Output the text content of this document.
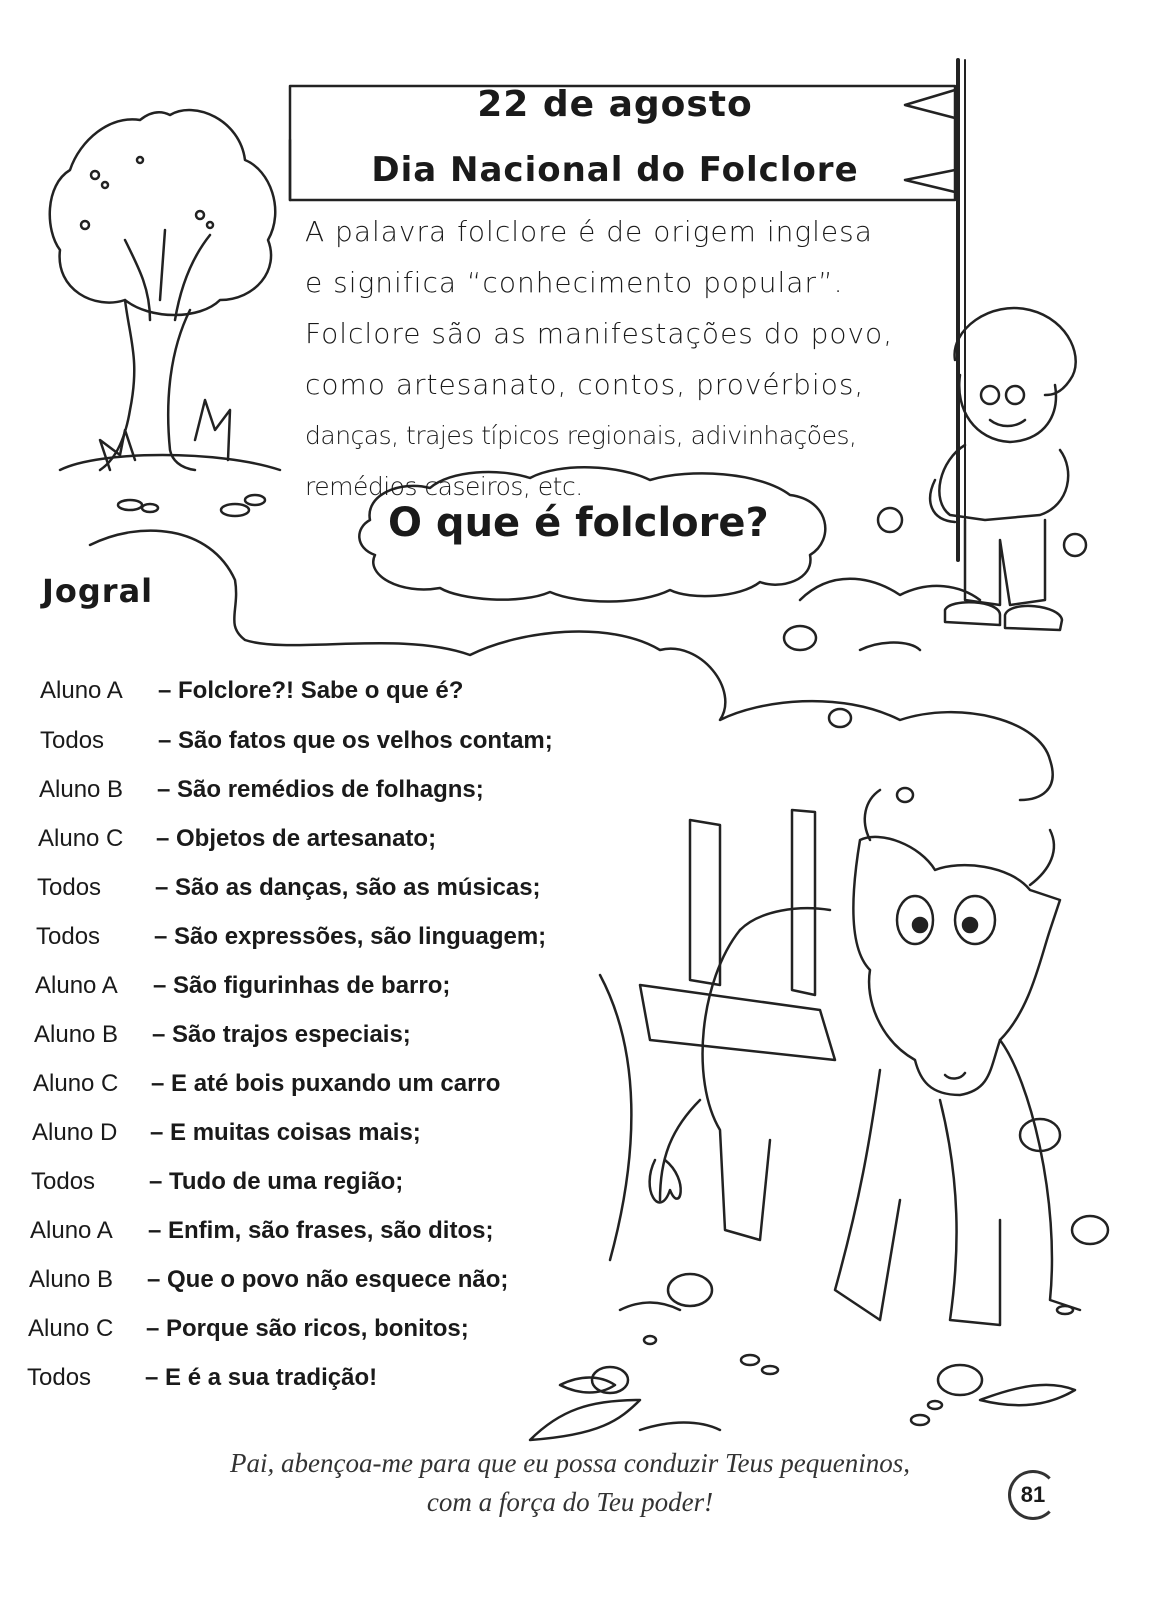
22 de agosto
Dia Nacional do Folclore

A palavra folclore é de origem inglesa

e significa “conhecimento popular”.

Folclore são as manifestações do povo,

como artesanato, contos, provérbios,

danças, trajes típicos regionais, adivinhações,

remédios caseiros, etc.

O que é folclore?
Jogral
Aluno A – Folclore?! Sabe o que é?
Todos – São fatos que os velhos contam;
Aluno B – São remédios de folhagns;
Aluno C – Objetos de artesanato;
Todos – São as danças, são as músicas;
Todos – São expressões, são linguagem;
Aluno A – São figurinhas de barro;
Aluno B – São trajos especiais;
Aluno C – E até bois puxando um carro
Aluno D – E muitas coisas mais;
Todos – Tudo de uma região;
Aluno A – Enfim, são frases, são ditos;
Aluno B – Que o povo não esquece não;
Aluno C – Porque são ricos, bonitos;
Todos – E é a sua tradição!
Pai, abençoa-me para que eu possa conduzir Teus pequeninos,
com a força do Teu poder!	81
